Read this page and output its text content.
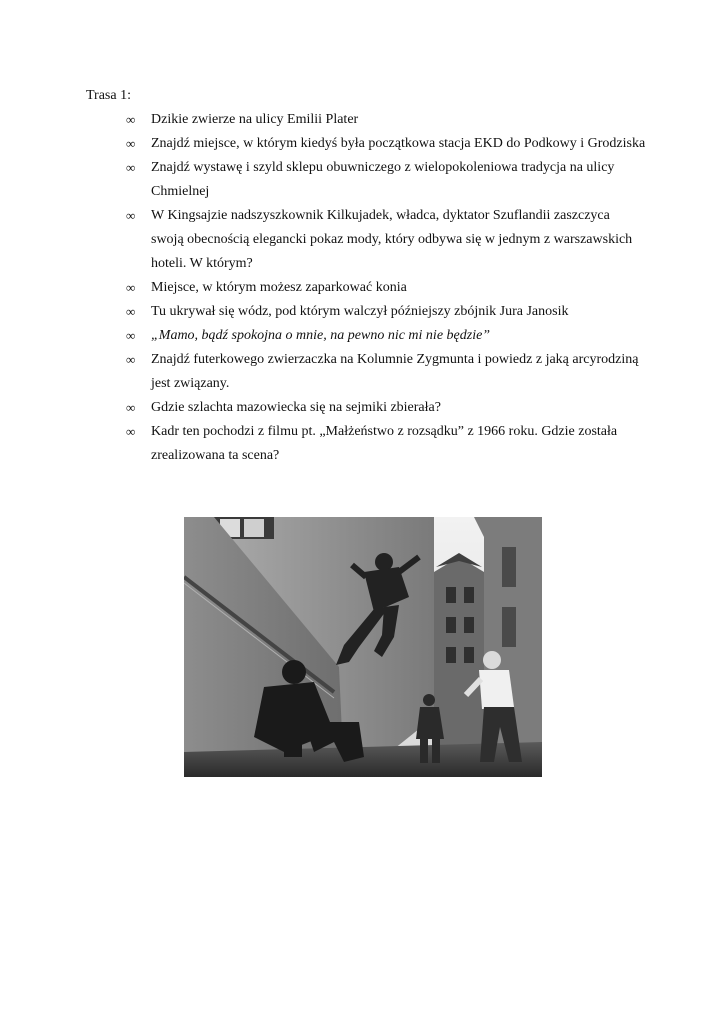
Trasa 1:
∞	Dzikie zwierze na ulicy Emilii Plater
∞	Znajdź miejsce, w którym kiedyś była początkowa stacja EKD do Podkowy i Grodziska
∞	Znajdź wystawę i szyld sklepu obuwniczego z wielopokoleniowa tradycja na ulicy Chmielnej
∞	W Kingsajzie nadszyszkownik Kilkujadek, władca, dyktator Szuflandii zaszczyca swoją obecnością elegancki pokaz mody, który odbywa się w jednym z warszawskich hoteli. W którym?
∞	Miejsce, w którym możesz zaparkować konia
∞	Tu ukrywał się wódz, pod którym walczył późniejszy zbójnik Jura Janosik
∞	„Mamo, bądź spokojna o mnie, na pewno nic mi nie będzie”
∞	Znajdź futerkowego zwierzaczka na Kolumnie Zygmunta i powiedz z jaką arcyrodziną jest związany.
∞	Gdzie szlachta mazowiecka się na sejmiki zbierała?
∞	Kadr ten pochodzi z filmu pt. „Małżeństwo z rozsądku” z 1966 roku. Gdzie została zrealizowana ta scena?
